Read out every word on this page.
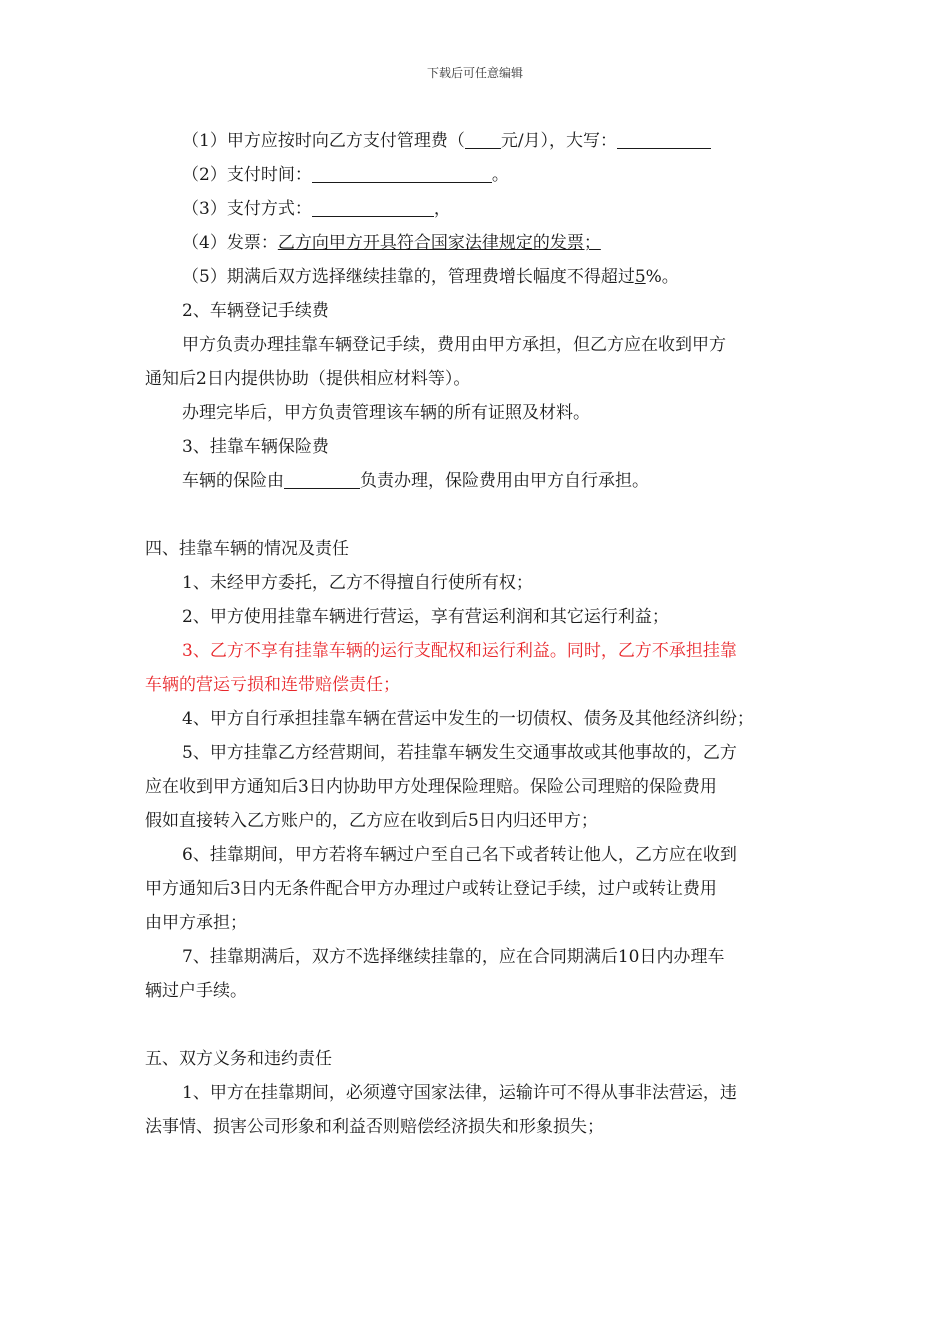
下载后可任意编辑

（1）甲方应按时向乙方支付管理费（ 元/月），大写：

（2）支付时间：	。

（3）支付方式：	，

（4）发票：乙方向甲方开具符合国家法律规定的发票；

（5）期满后双方选择继续挂靠的，管理费增长幅度不得超过5%。

2、车辆登记手续费

甲方负责办理挂靠车辆登记手续，费用由甲方承担，但乙方应在收到甲方

通知后2日内提供协助（提供相应材料等）。

办理完毕后，甲方负责管理该车辆的所有证照及材料。

3、挂靠车辆保险费

车辆的保险由	负责办理，保险费用由甲方自行承担。

四、挂靠车辆的情况及责任

1、未经甲方委托，乙方不得擅自行使所有权；

2、甲方使用挂靠车辆进行营运，享有营运利润和其它运行利益；

3、乙方不享有挂靠车辆的运行支配权和运行利益。同时，乙方不承担挂靠

车辆的营运亏损和连带赔偿责任；

4、甲方自行承担挂靠车辆在营运中发生的一切债权、债务及其他经济纠纷；

5、甲方挂靠乙方经营期间，若挂靠车辆发生交通事故或其他事故的，乙方

应在收到甲方通知后3日内协助甲方处理保险理赔。保险公司理赔的保险费用

假如直接转入乙方账户的，乙方应在收到后5日内归还甲方；

6、挂靠期间，甲方若将车辆过户至自己名下或者转让他人，乙方应在收到

甲方通知后3日内无条件配合甲方办理过户或转让登记手续，过户或转让费用

由甲方承担；

7、挂靠期满后，双方不选择继续挂靠的，应在合同期满后10日内办理车

辆过户手续。

五、双方义务和违约责任

1、甲方在挂靠期间，必须遵守国家法律，运输许可不得从事非法营运，违

法事情、损害公司形象和利益否则赔偿经济损失和形象损失；
